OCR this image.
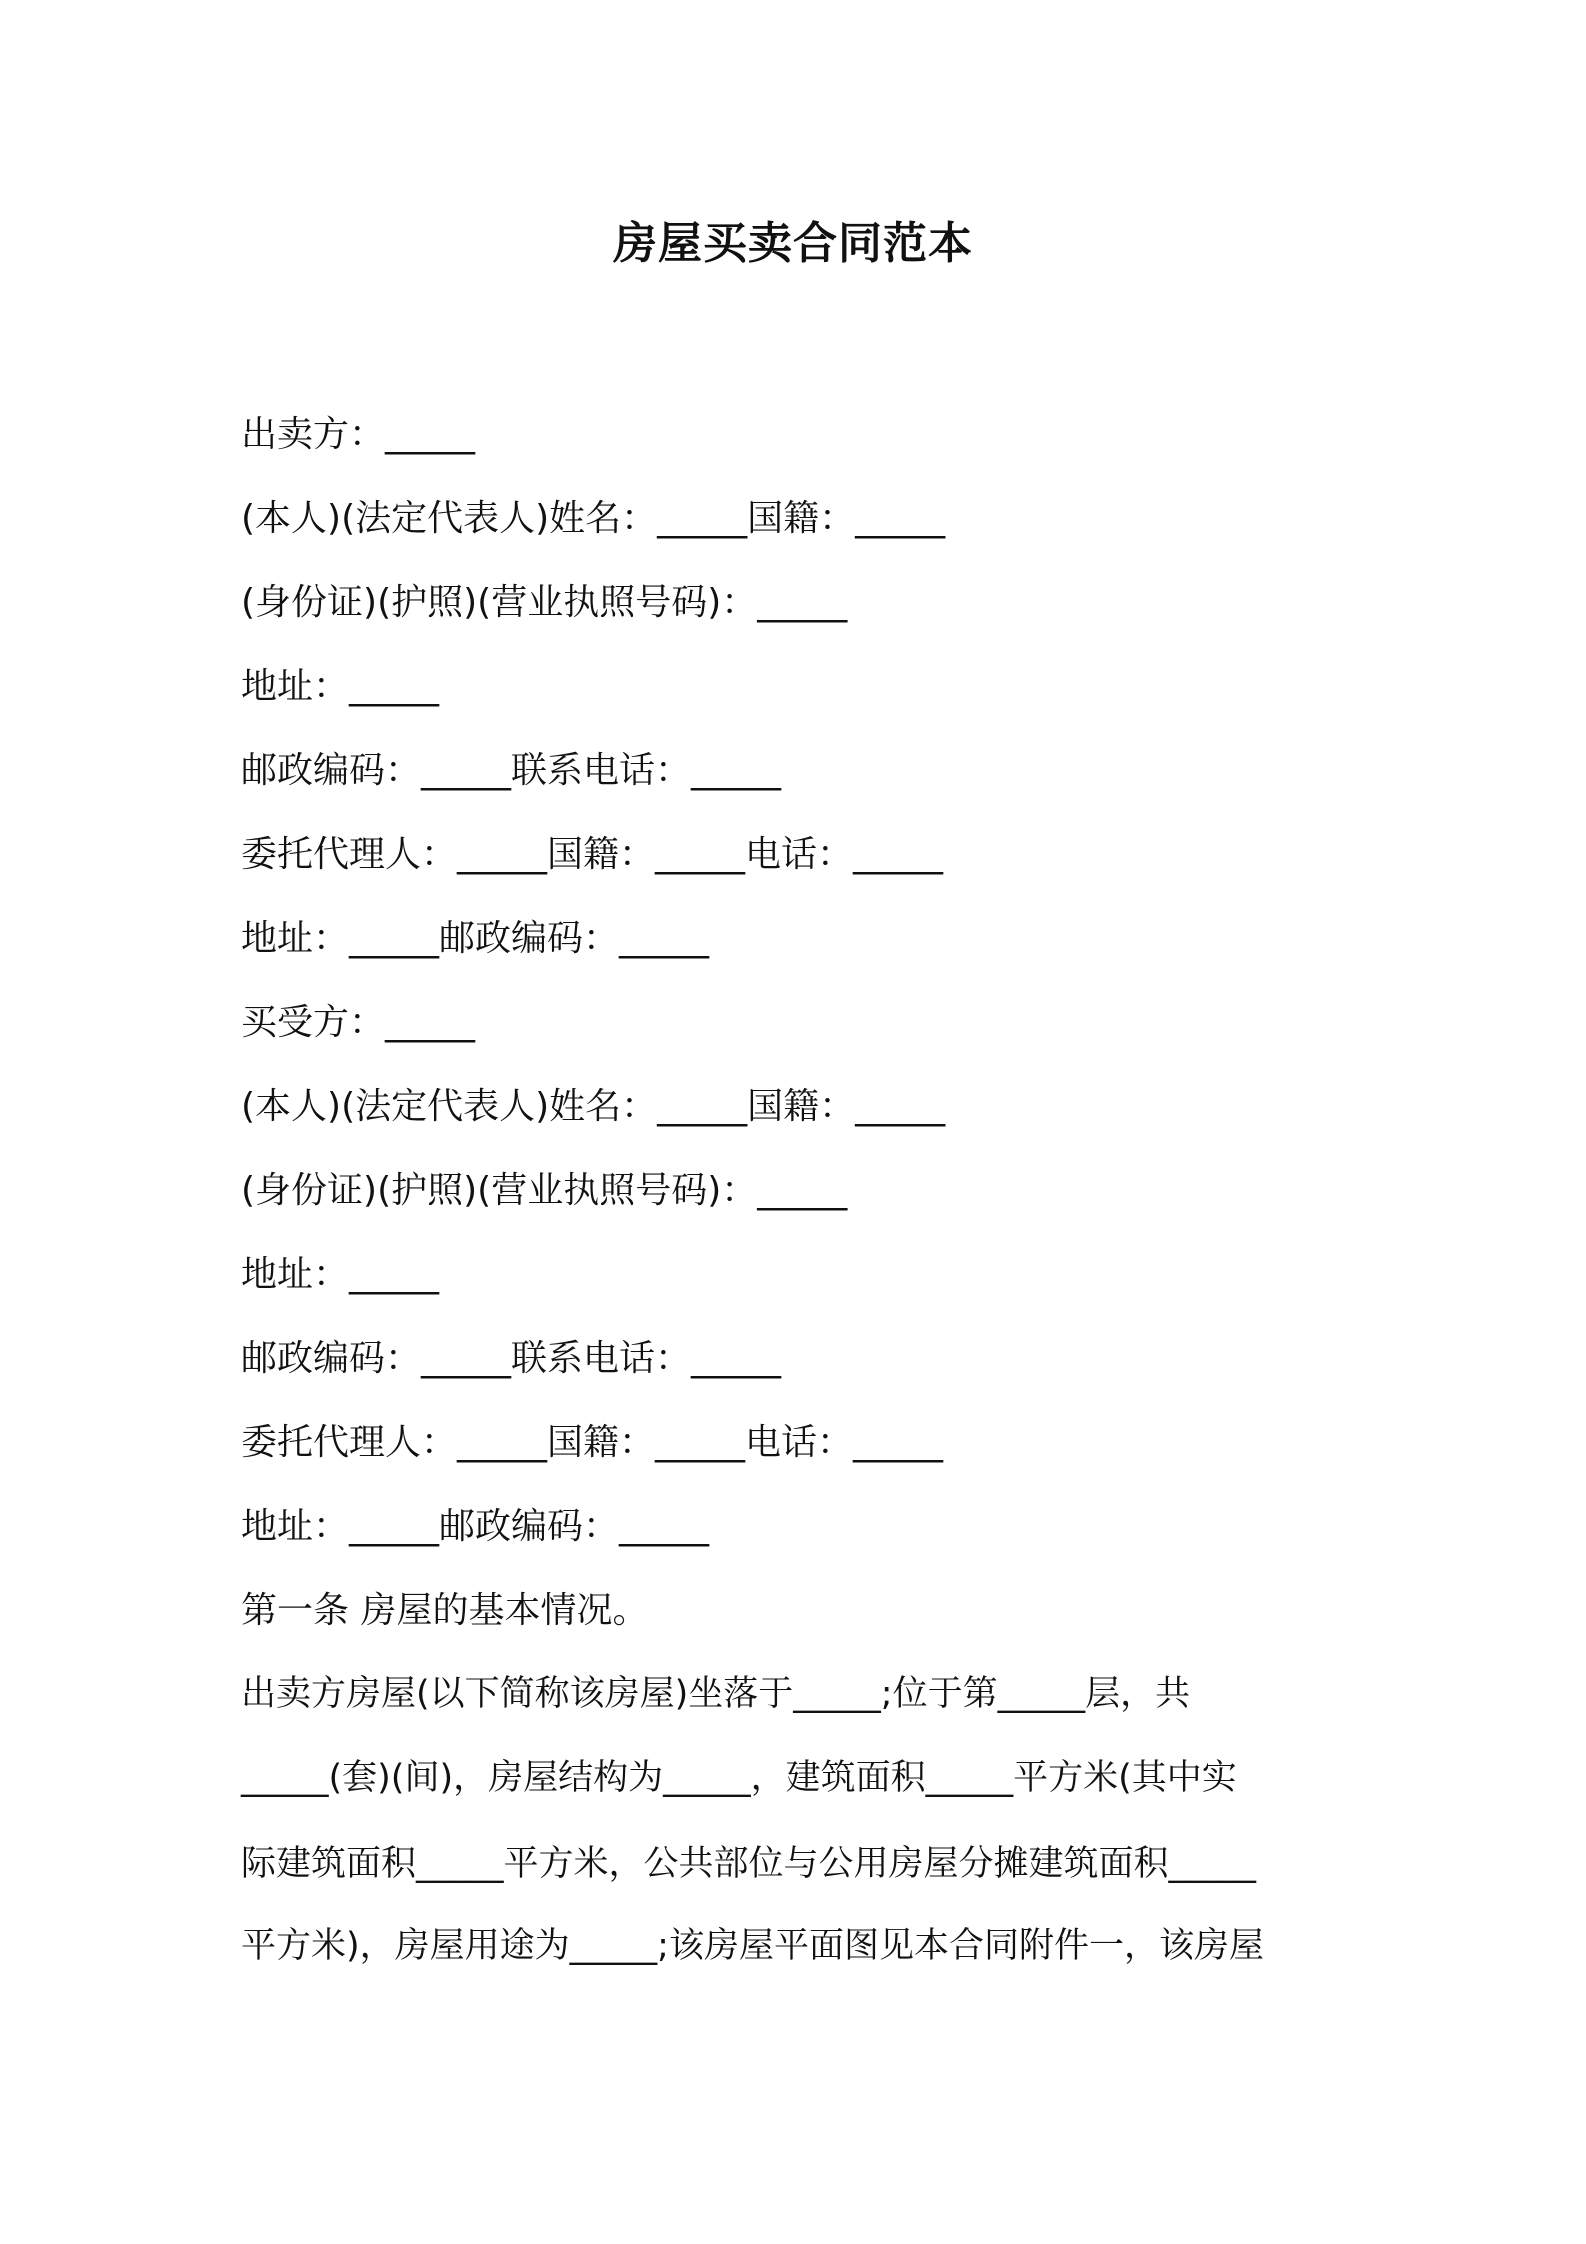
房屋买卖合同范本
出卖方：_____
(本人)(法定代表人)姓名：_____国籍：_____
(身份证)(护照)(营业执照号码)：_____
地址：_____
邮政编码：_____联系电话：_____
委托代理人：_____国籍：_____电话：_____
地址：_____邮政编码：_____
买受方：_____
(本人)(法定代表人)姓名：_____国籍：_____
(身份证)(护照)(营业执照号码)：_____
地址：_____
邮政编码：_____联系电话：_____
委托代理人：_____国籍：_____电话：_____
地址：_____邮政编码：_____
第一条 房屋的基本情况。
出卖方房屋(以下简称该房屋)坐落于_____;位于第_____层，共
_____(套)(间)，房屋结构为_____，建筑面积_____平方米(其中实
际建筑面积_____平方米，公共部位与公用房屋分摊建筑面积_____
平方米)，房屋用途为_____;该房屋平面图见本合同附件一，该房屋
